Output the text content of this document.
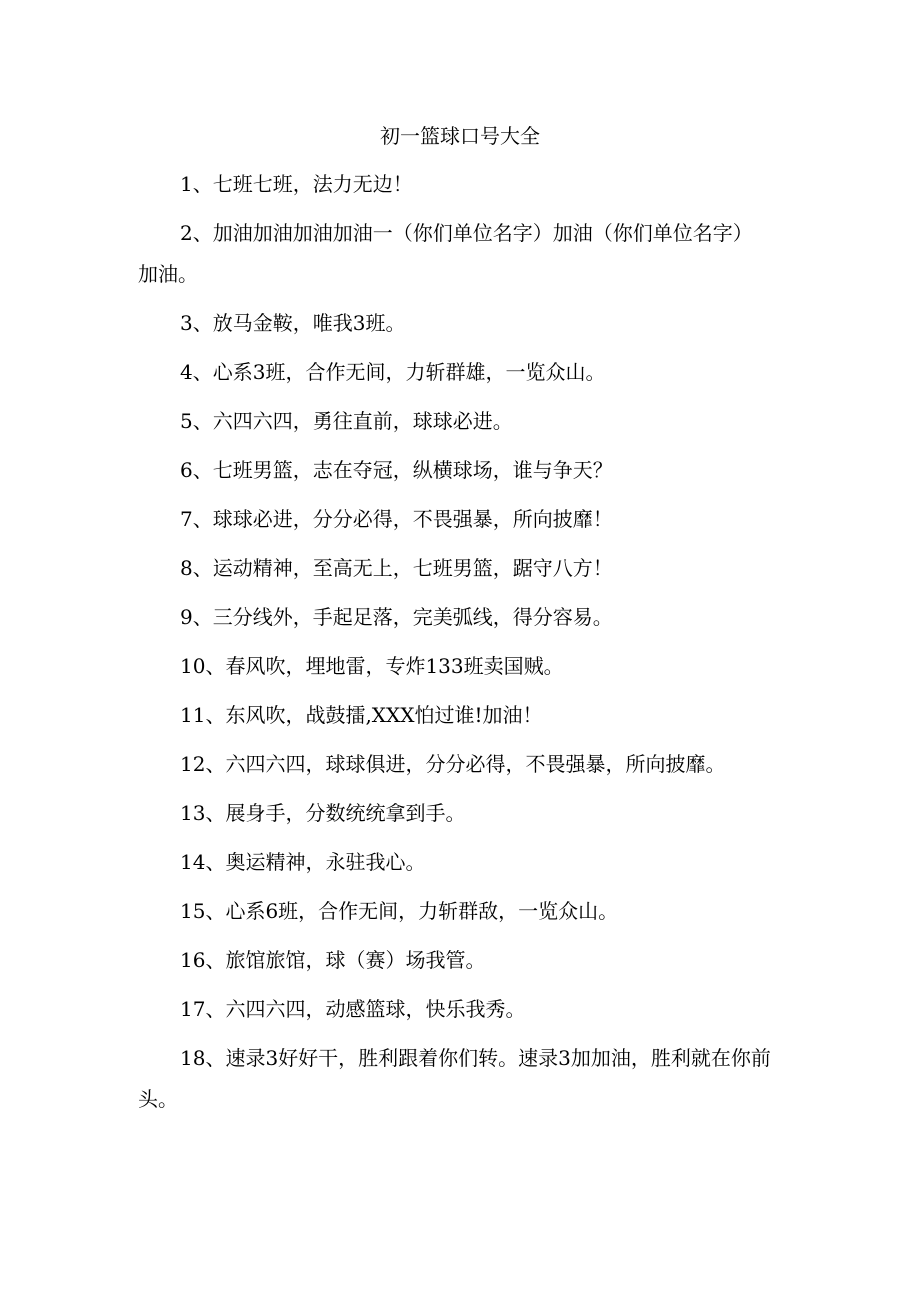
初一篮球口号大全
1、七班七班，法力无边！
2、加油加油加油加油一（你们单位名字）加油（你们单位名字）加油。
3、放马金鞍，唯我3班。
4、心系3班，合作无间，力斩群雄，一览众山。
5、六四六四，勇往直前，球球必进。
6、七班男篮，志在夺冠，纵横球场，谁与争天？
7、球球必进，分分必得，不畏强暴，所向披靡！
8、运动精神，至高无上，七班男篮，踞守八方！
9、三分线外，手起足落，完美弧线，得分容易。
10、春风吹，埋地雷，专炸133班卖国贼。
11、东风吹，战鼓擂,XXX怕过谁!加油！
12、六四六四，球球俱进，分分必得，不畏强暴，所向披靡。
13、展身手，分数统统拿到手。
14、奥运精神，永驻我心。
15、心系6班，合作无间，力斩群敌，一览众山。
16、旅馆旅馆，球（赛）场我管。
17、六四六四，动感篮球，快乐我秀。
18、速录3好好干，胜利跟着你们转。速录3加加油，胜利就在你前头。
